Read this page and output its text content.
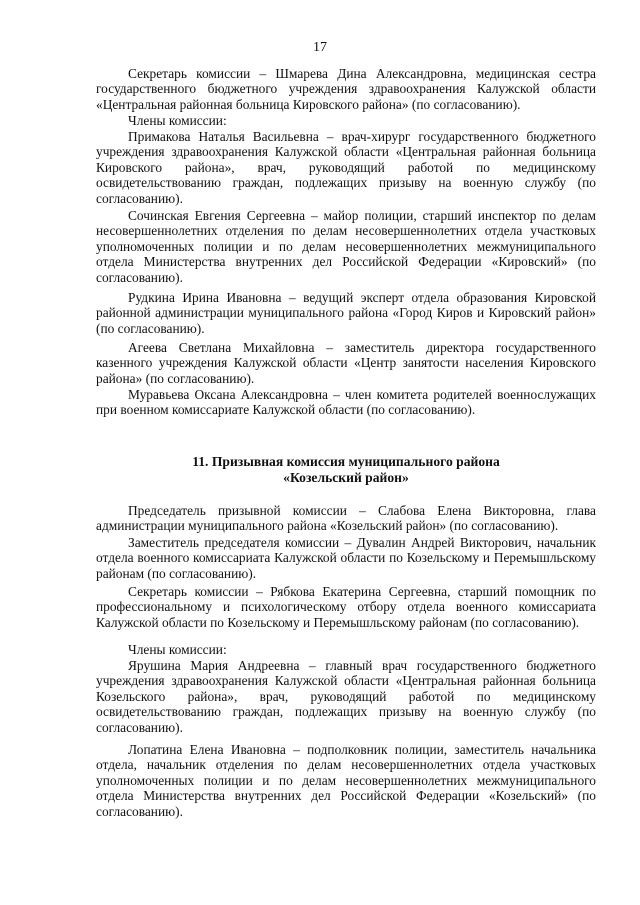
17

Секретарь комиссии – Шмарева Дина Александровна, медицинская сестра государственного бюджетного учреждения здравоохранения Калужской области «Центральная районная больница Кировского района» (по согласованию).

Члены комиссии:

Примакова Наталья Васильевна – врач-хирург государственного бюджетного учреждения здравоохранения Калужской области «Центральная районная больница Кировского района», врач, руководящий работой по медицинскому освидетельствованию граждан, подлежащих призыву на военную службу (по согласованию).

Сочинская Евгения Сергеевна – майор полиции, старший инспектор по делам несовершеннолетних отделения по делам несовершеннолетних отдела участковых уполномоченных полиции и по делам несовершеннолетних межмуниципального отдела Министерства внутренних дел Российской Федерации «Кировский» (по согласованию).

Рудкина Ирина Ивановна – ведущий эксперт отдела образования Кировской районной администрации муниципального района «Город Киров и Кировский район» (по согласованию).

Агеева Светлана Михайловна – заместитель директора государственного казенного учреждения Калужской области «Центр занятости населения Кировского района» (по согласованию).

Муравьева Оксана Александровна – член комитета родителей военнослужащих при военном комиссариате Калужской области (по согласованию).

11. Призывная комиссия муниципального района
«Козельский район»

Председатель призывной комиссии – Слабова Елена Викторовна, глава администрации муниципального района «Козельский район» (по согласованию).

Заместитель председателя комиссии – Дувалин Андрей Викторович, начальник отдела военного комиссариата Калужской области по Козельскому и Перемышльскому районам (по согласованию).

Секретарь комиссии – Рябкова Екатерина Сергеевна, старший помощник по профессиональному и психологическому отбору отдела военного комиссариата Калужской области по Козельскому и Перемышльскому районам (по согласованию).

Члены комиссии:

Ярушина Мария Андреевна – главный врач государственного бюджетного учреждения здравоохранения Калужской области «Центральная районная больница Козельского района», врач, руководящий работой по медицинскому освидетельствованию граждан, подлежащих призыву на военную службу (по согласованию).

Лопатина Елена Ивановна – подполковник полиции, заместитель начальника отдела, начальник отделения по делам несовершеннолетних отдела участковых уполномоченных полиции и по делам несовершеннолетних межмуниципального отдела Министерства внутренних дел Российской Федерации «Козельский» (по согласованию).
